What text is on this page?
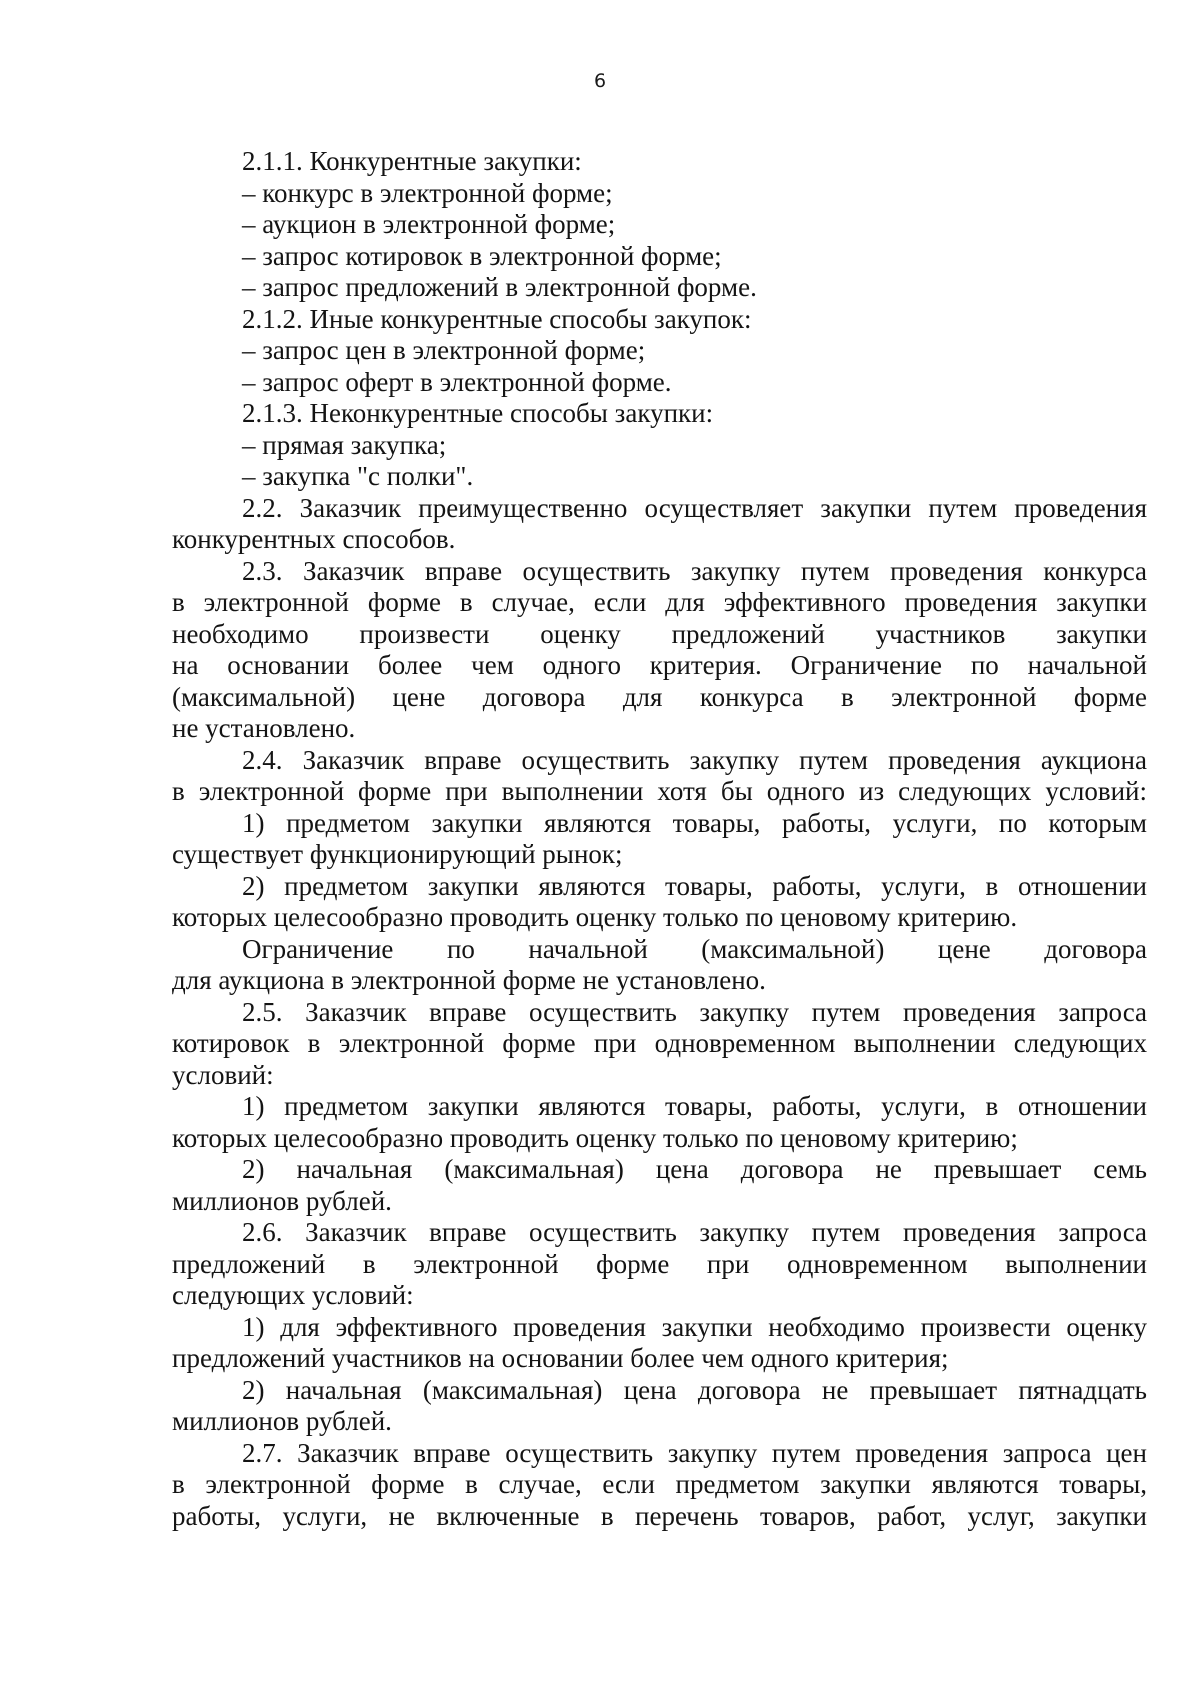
6
2.1.1. Конкурентные закупки:
– конкурс в электронной форме;
– аукцион в электронной форме;
– запрос котировок в электронной форме;
– запрос предложений в электронной форме.
2.1.2. Иные конкурентные способы закупок:
– запрос цен в электронной форме;
– запрос оферт в электронной форме.
2.1.3. Неконкурентные способы закупки:
– прямая закупка;
– закупка "с полки".
2.2. Заказчик преимущественно осуществляет закупки путем проведения
конкурентных способов.
2.3. Заказчик вправе осуществить закупку путем проведения конкурса
в электронной форме в случае, если для эффективного проведения закупки
необходимо произвести оценку предложений участников закупки
на основании более чем одного критерия. Ограничение по начальной
(максимальной) цене договора для конкурса в электронной форме
не установлено.
2.4. Заказчик вправе осуществить закупку путем проведения аукциона
в электронной форме при выполнении хотя бы одного из следующих условий:
1) предметом закупки являются товары, работы, услуги, по которым
существует функционирующий рынок;
2) предметом закупки являются товары, работы, услуги, в отношении
которых целесообразно проводить оценку только по ценовому критерию.
Ограничение по начальной (максимальной) цене договора
для аукциона в электронной форме не установлено.
2.5. Заказчик вправе осуществить закупку путем проведения запроса
котировок в электронной форме при одновременном выполнении следующих
условий:
1) предметом закупки являются товары, работы, услуги, в отношении
которых целесообразно проводить оценку только по ценовому критерию;
2) начальная (максимальная) цена договора не превышает семь
миллионов рублей.
2.6. Заказчик вправе осуществить закупку путем проведения запроса
предложений в электронной форме при одновременном выполнении
следующих условий:
1) для эффективного проведения закупки необходимо произвести оценку
предложений участников на основании более чем одного критерия;
2) начальная (максимальная) цена договора не превышает пятнадцать
миллионов рублей.
2.7. Заказчик вправе осуществить закупку путем проведения запроса цен
в электронной форме в случае, если предметом закупки являются товары,
работы, услуги, не включенные в перечень товаров, работ, услуг, закупки
